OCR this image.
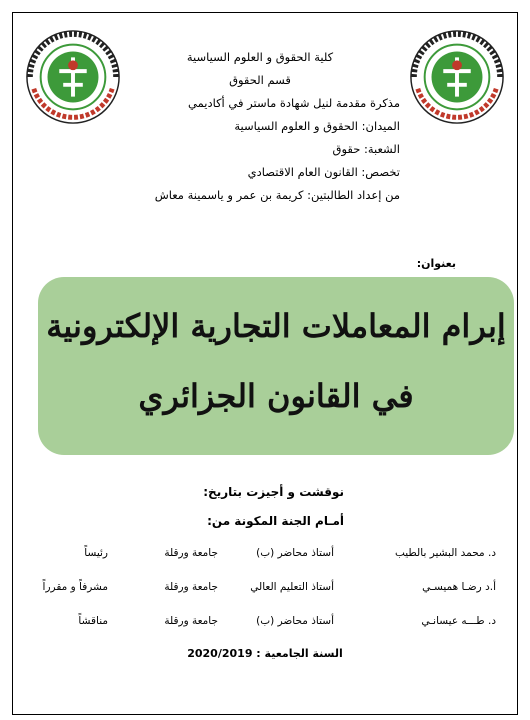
كلية الحقوق و العلوم السياسية
قسم الحقوق
مذكرة مقدمة لنيل شهادة ماستر في أكاديمي
الميدان: الحقوق و العلوم السياسية
الشعبة: حقوق
تخصص: القانون العام الاقتصادي
من إعداد الطالبتين: كريمة بن عمر و ياسمينة معاش
بعنوان:
إبرام المعاملات التجارية الإلكترونية
في القانون الجزائري
نوقشت و أجيزت بتاريخ:
أمـام الجنة المكونة من:
د. محمد البشير بالطيب
أستاذ محاضر (ب)
جامعة ورقلة
رئيساً
أ.د رضـا هميسـي
أستاذ التعليم العالي
جامعة ورقلة
مشرفاً و مقرراً
د. طـــه عيسانـي
أستاذ محاضر (ب)
جامعة ورقلة
مناقشاً
السنة الجامعية : 2020/2019
